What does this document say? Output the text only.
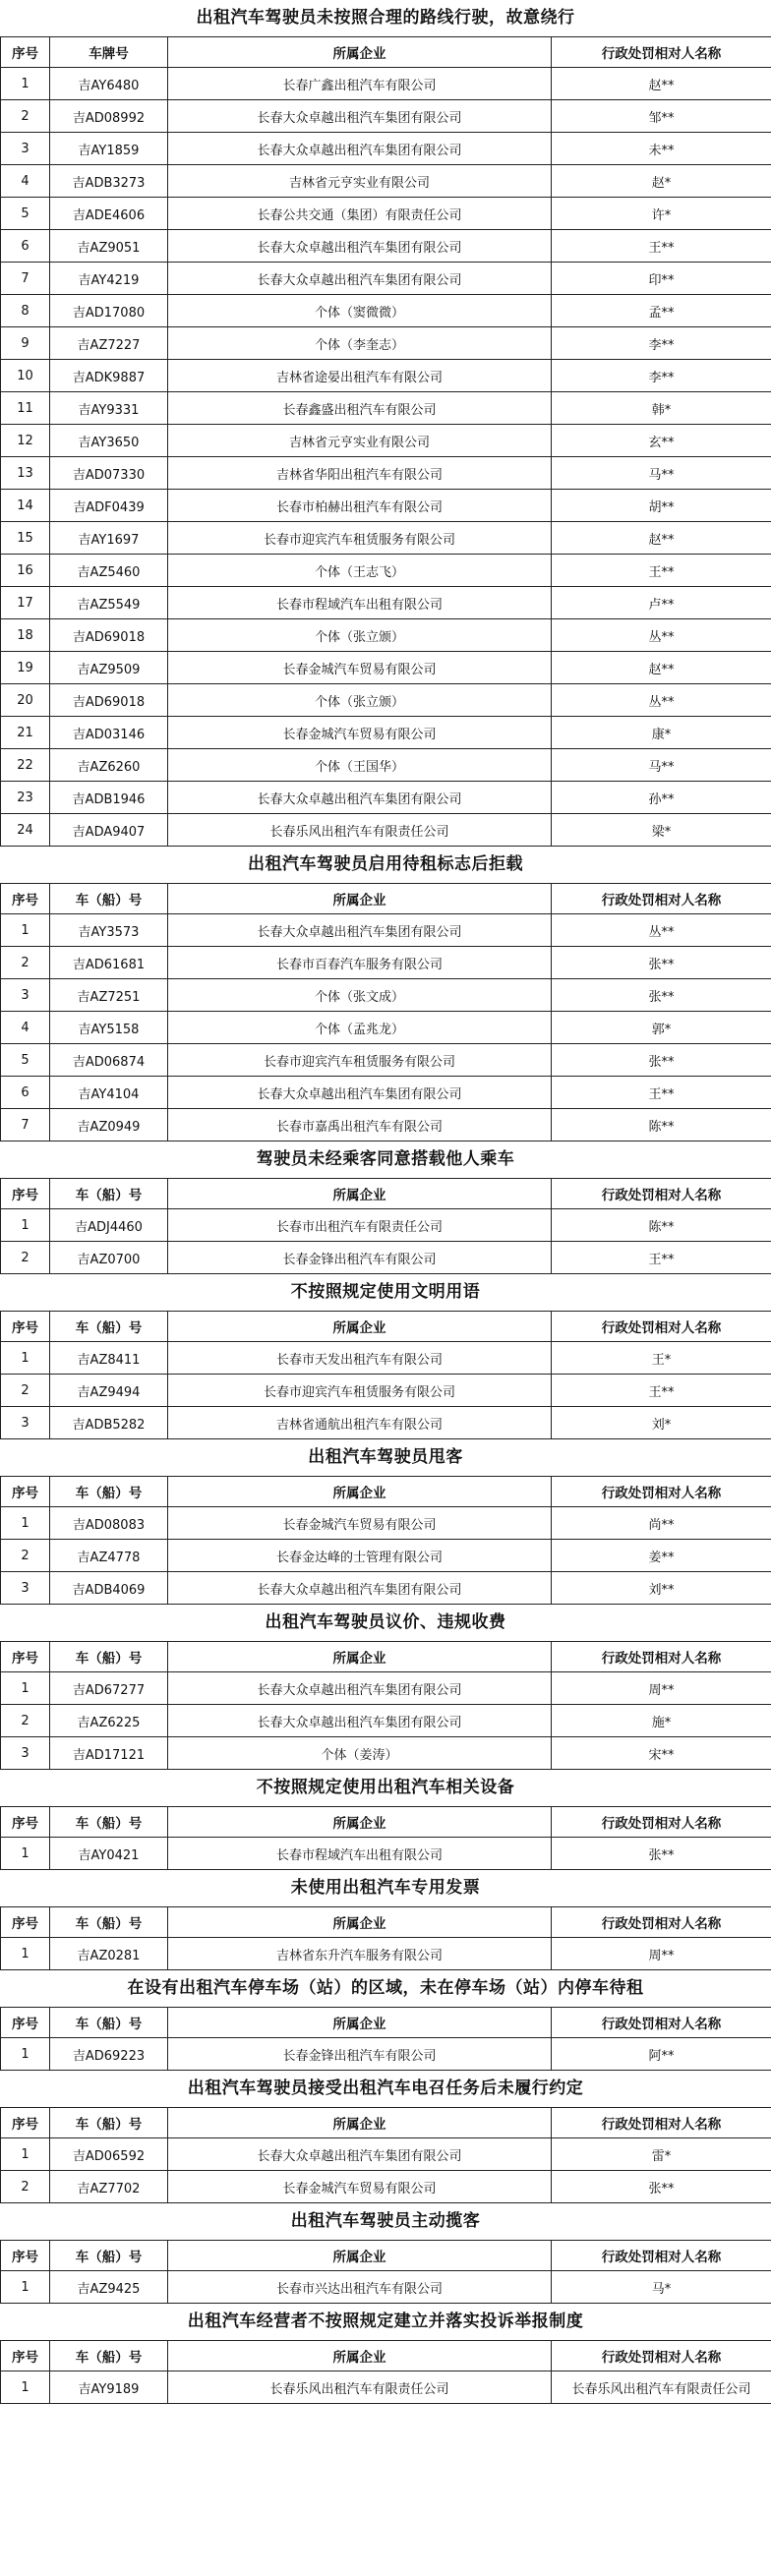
出租汽车驾驶员未按照合理的路线行驶，故意绕行
序号	车牌号	所属企业	行政处罚相对人名称
1	吉AY6480	长春广鑫出租汽车有限公司	赵**
2	吉AD08992	长春大众卓越出租汽车集团有限公司	邹**
3	吉AY1859	长春大众卓越出租汽车集团有限公司	未**
4	吉ADB3273	吉林省元亨实业有限公司	赵*
5	吉ADE4606	长春公共交通（集团）有限责任公司	许*
6	吉AZ9051	长春大众卓越出租汽车集团有限公司	王**
7	吉AY4219	长春大众卓越出租汽车集团有限公司	印**
8	吉AD17080	个体（窦微微）	孟**
9	吉AZ7227	个体（李奎志）	李**
10	吉ADK9887	吉林省途晏出租汽车有限公司	李**
11	吉AY9331	长春鑫盛出租汽车有限公司	韩*
12	吉AY3650	吉林省元亨实业有限公司	玄**
13	吉AD07330	吉林省华阳出租汽车有限公司	马**
14	吉ADF0439	长春市柏赫出租汽车有限公司	胡**
15	吉AY1697	长春市迎宾汽车租赁服务有限公司	赵**
16	吉AZ5460	个体（王志飞）	王**
17	吉AZ5549	长春市程域汽车出租有限公司	卢**
18	吉AD69018	个体（张立颁）	丛**
19	吉AZ9509	长春金城汽车贸易有限公司	赵**
20	吉AD69018	个体（张立颁）	丛**
21	吉AD03146	长春金城汽车贸易有限公司	康*
22	吉AZ6260	个体（王国华）	马**
23	吉ADB1946	长春大众卓越出租汽车集团有限公司	孙**
24	吉ADA9407	长春乐风出租汽车有限责任公司	梁*
出租汽车驾驶员启用待租标志后拒载
序号	车（船）号	所属企业	行政处罚相对人名称
1	吉AY3573	长春大众卓越出租汽车集团有限公司	丛**
2	吉AD61681	长春市百春汽车服务有限公司	张**
3	吉AZ7251	个体（张文成）	张**
4	吉AY5158	个体（孟兆龙）	郭*
5	吉AD06874	长春市迎宾汽车租赁服务有限公司	张**
6	吉AY4104	长春大众卓越出租汽车集团有限公司	王**
7	吉AZ0949	长春市嘉禹出租汽车有限公司	陈**
驾驶员未经乘客同意搭载他人乘车
序号	车（船）号	所属企业	行政处罚相对人名称
1	吉ADJ4460	长春市出租汽车有限责任公司	陈**
2	吉AZ0700	长春金锋出租汽车有限公司	王**
不按照规定使用文明用语
序号	车（船）号	所属企业	行政处罚相对人名称
1	吉AZ8411	长春市天发出租汽车有限公司	王*
2	吉AZ9494	长春市迎宾汽车租赁服务有限公司	王**
3	吉ADB5282	吉林省通航出租汽车有限公司	刘*
出租汽车驾驶员甩客
序号	车（船）号	所属企业	行政处罚相对人名称
1	吉AD08083	长春金城汽车贸易有限公司	尚**
2	吉AZ4778	长春金达峰的士管理有限公司	姜**
3	吉ADB4069	长春大众卓越出租汽车集团有限公司	刘**
出租汽车驾驶员议价、违规收费
序号	车（船）号	所属企业	行政处罚相对人名称
1	吉AD67277	长春大众卓越出租汽车集团有限公司	周**
2	吉AZ6225	长春大众卓越出租汽车集团有限公司	施*
3	吉AD17121	个体（姜涛）	宋**
不按照规定使用出租汽车相关设备
序号	车（船）号	所属企业	行政处罚相对人名称
1	吉AY0421	长春市程域汽车出租有限公司	张**
未使用出租汽车专用发票
序号	车（船）号	所属企业	行政处罚相对人名称
1	吉AZ0281	吉林省东升汽车服务有限公司	周**
在设有出租汽车停车场（站）的区域，未在停车场（站）内停车待租
序号	车（船）号	所属企业	行政处罚相对人名称
1	吉AD69223	长春金锋出租汽车有限公司	阿**
出租汽车驾驶员接受出租汽车电召任务后未履行约定
序号	车（船）号	所属企业	行政处罚相对人名称
1	吉AD06592	长春大众卓越出租汽车集团有限公司	雷*
2	吉AZ7702	长春金城汽车贸易有限公司	张**
出租汽车驾驶员主动揽客
序号	车（船）号	所属企业	行政处罚相对人名称
1	吉AZ9425	长春市兴达出租汽车有限公司	马*
出租汽车经营者不按照规定建立并落实投诉举报制度
序号	车（船）号	所属企业	行政处罚相对人名称
1	吉AY9189	长春乐风出租汽车有限责任公司	长春乐风出租汽车有限责任公司
